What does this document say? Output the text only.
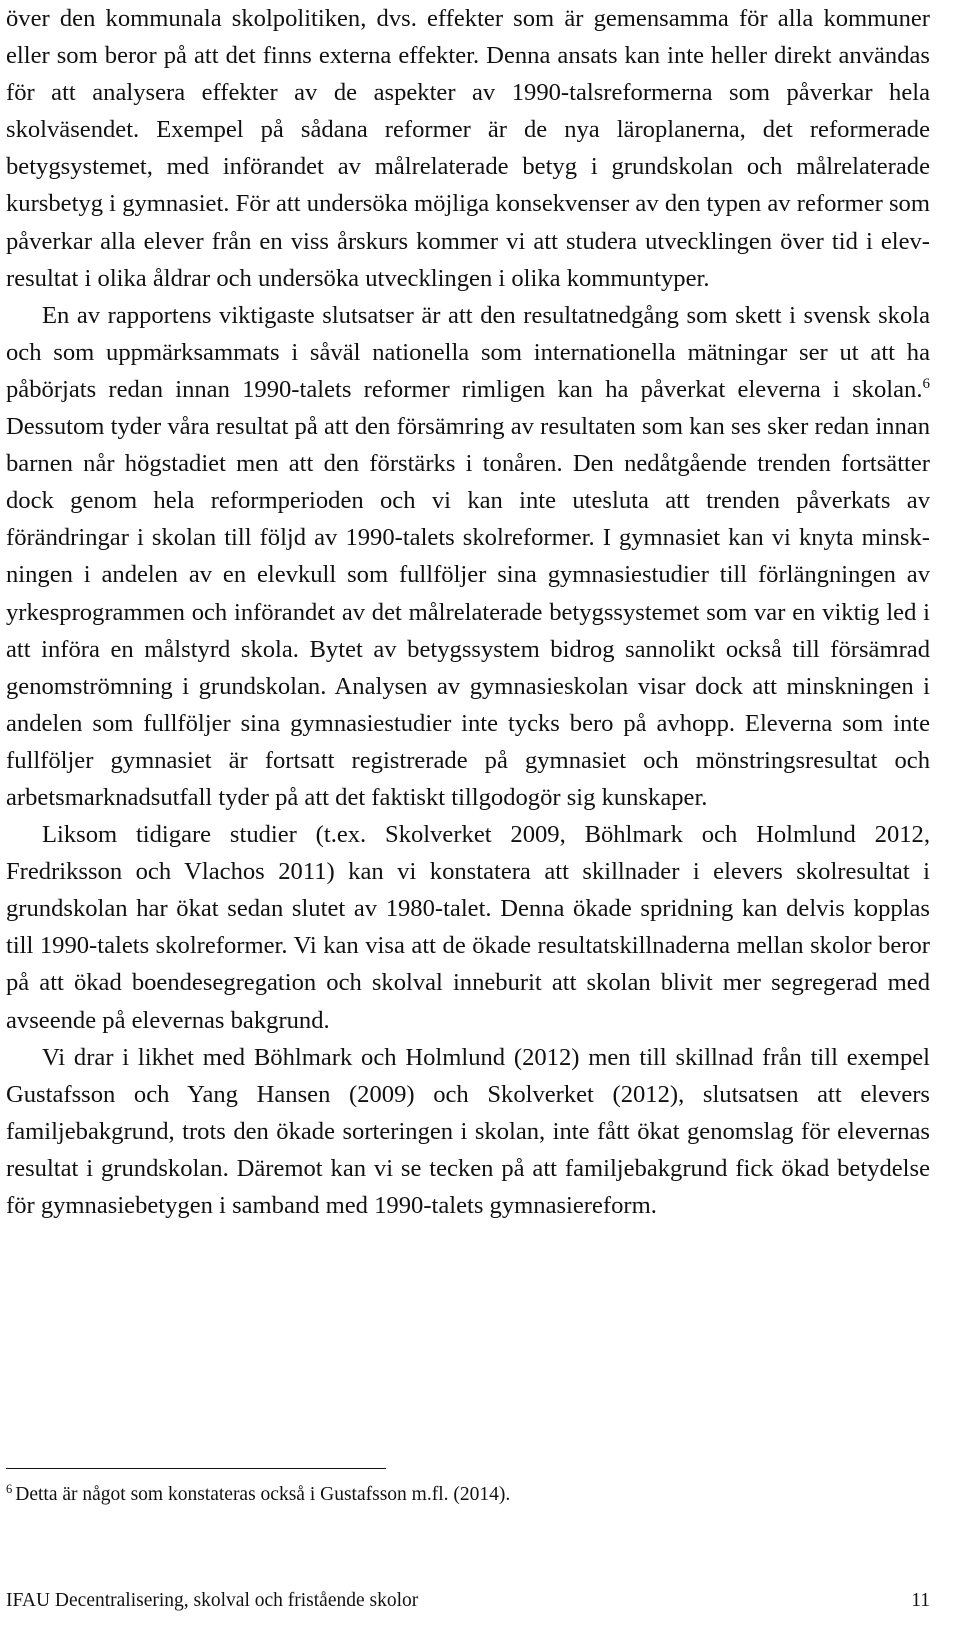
över den kommunala skolpolitiken, dvs. effekter som är gemensamma för alla kommuner eller som beror på att det finns externa effekter. Denna ansats kan inte heller direkt användas för att analysera effekter av de aspekter av 1990-talsreformerna som påverkar hela skolväsendet. Exempel på sådana reformer är de nya läroplanerna, det reformerade betygsystemet, med införandet av målrelaterade betyg i grundskolan och målrelaterade kursbetyg i gymnasiet. För att undersöka möjliga konsekvenser av den typen av reformer som påverkar alla elever från en viss årskurs kommer vi att studera utvecklingen över tid i elevresultat i olika åldrar och undersöka utvecklingen i olika kommuntyper.

En av rapportens viktigaste slutsatser är att den resultatnedgång som skett i svensk skola och som uppmärksammats i såväl nationella som internationella mätningar ser ut att ha påbörjats redan innan 1990-talets reformer rimligen kan ha påverkat eleverna i skolan.$^6$ Dessutom tyder våra resultat på att den försämring av resultaten som kan ses sker redan innan barnen når högstadiet men att den förstärks i tonåren. Den nedåtgående trenden fortsätter dock genom hela reformperioden och vi kan inte utesluta att trenden påverkats av förändringar i skolan till följd av 1990-talets skolreformer. I gymnasiet kan vi knyta minskningen i andelen av en elevkull som fullföljer sina gymnasiestudier till förlängningen av yrkesprogrammen och införandet av det målrelaterade betygssystemet som var en viktig led i att införa en målstyrd skola. Bytet av betygssystem bidrog sannolikt också till försämrad genomströmning i grundskolan. Analysen av gymnasieskolan visar dock att minskningen i andelen som fullföljer sina gymnasiestudier inte tycks bero på avhopp. Eleverna som inte fullföljer gymnasiet är fortsatt registrerade på gymnasiet och mönstringsresultat och arbetsmarknadsutfall tyder på att det faktiskt tillgodogör sig kunskaper.

Liksom tidigare studier (t.ex. Skolverket 2009, Böhlmark och Holmlund 2012, Fredriksson och Vlachos 2011) kan vi konstatera att skillnader i elevers skolresultat i grundskolan har ökat sedan slutet av 1980-talet. Denna ökade spridning kan delvis kopplas till 1990-talets skolreformer. Vi kan visa att de ökade resultatskillnaderna mellan skolor beror på att ökad boendesegregation och skolval inneburit att skolan blivit mer segregerad med avseende på elevernas bakgrund.

Vi drar i likhet med Böhlmark och Holmlund (2012) men till skillnad från till exempel Gustafsson och Yang Hansen (2009) och Skolverket (2012), slutsatsen att elevers familjebakgrund, trots den ökade sorteringen i skolan, inte fått ökat genomslag för elevernas resultat i grundskolan. Däremot kan vi se tecken på att familjebakgrund fick ökad betydelse för gymnasiebetygen i samband med 1990-talets gymnasiereform.

$^6$ Detta är något som konstateras också i Gustafsson m.fl. (2014).
IFAU Decentralisering, skolval och fristående skolor	11
